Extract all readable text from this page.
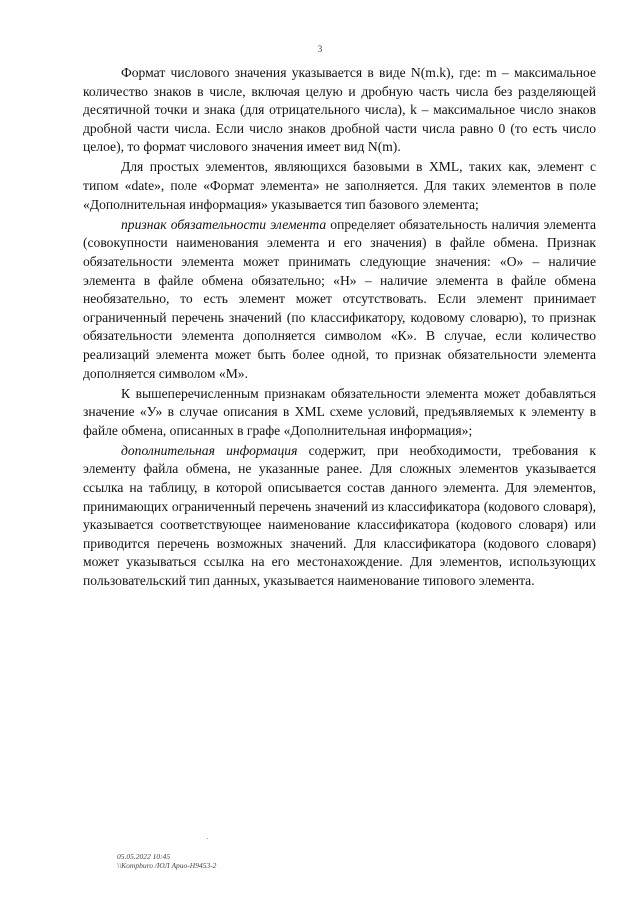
3

Формат числового значения указывается в виде N(m.k), где: m – максимальное количество знаков в числе, включая целую и дробную часть числа без разделяющей десятичной точки и знака (для отрицательного числа), k – максимальное число знаков дробной части числа. Если число знаков дробной части числа равно 0 (то есть число целое), то формат числового значения имеет вид N(m).

Для простых элементов, являющихся базовыми в XML, таких как, элемент с типом «date», поле «Формат элемента» не заполняется. Для таких элементов в поле «Дополнительная информация» указывается тип базового элемента;

признак обязательности элемента определяет обязательность наличия элемента (совокупности наименования элемента и его значения) в файле обмена. Признак обязательности элемента может принимать следующие значения: «О» – наличие элемента в файле обмена обязательно; «Н» – наличие элемента в файле обмена необязательно, то есть элемент может отсутствовать. Если элемент принимает ограниченный перечень значений (по классификатору, кодовому словарю), то признак обязательности элемента дополняется символом «К». В случае, если количество реализаций элемента может быть более одной, то признак обязательности элемента дополняется символом «М».

К вышеперечисленным признакам обязательности элемента может добавляться значение «У» в случае описания в XML схеме условий, предъявляемых к элементу в файле обмена, описанных в графе «Дополнительная информация»;

дополнительная информация содержит, при необходимости, требования к элементу файла обмена, не указанные ранее. Для сложных элементов указывается ссылка на таблицу, в которой описывается состав данного элемента. Для элементов, принимающих ограниченный перечень значений из классификатора (кодового словаря), указывается соответствующее наименование классификатора (кодового словаря) или приводится перечень возможных значений. Для классификатора (кодового словаря) может указываться ссылка на его местонахождение. Для элементов, использующих пользовательский тип данных, указывается наименование типового элемента.

05.05.2022 10:45
\\Kompburo /ЮЛ Арио-Н9453-2
